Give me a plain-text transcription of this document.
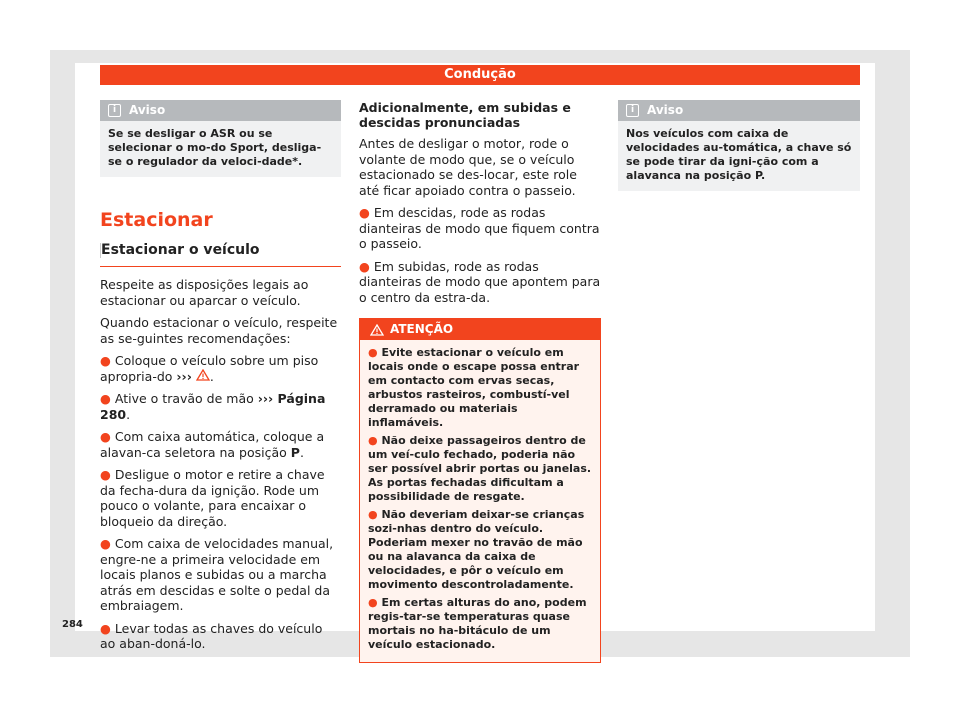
Condução
i	Aviso
Se se desligar o ASR ou se selecionar o mo-do Sport, desliga-se o regulador da veloci-dade*.
Estacionar
Estacionar o veículo

Respeite as disposições legais ao estacionar ou aparcar o veículo.

Quando estacionar o veículo, respeite as se-guintes recomendações:

● Coloque o veículo sobre um piso apropria-do ››› .

● Ative o travão de mão ››› Página 280.

● Com caixa automática, coloque a alavan-ca seletora na posição P.

● Desligue o motor e retire a chave da fecha-dura da ignição. Rode um pouco o volante, para encaixar o bloqueio da direção.

● Com caixa de velocidades manual, engre-ne a primeira velocidade em locais planos e subidas ou a marcha atrás em descidas e solte o pedal da embraiagem.

● Levar todas as chaves do veículo ao aban-doná-lo.

Adicionalmente, em subidas e descidas pronunciadas

Antes de desligar o motor, rode o volante de modo que, se o veículo estacionado se des-locar, este role até ficar apoiado contra o passeio.

● Em descidas, rode as rodas dianteiras de modo que fiquem contra o passeio.

● Em subidas, rode as rodas dianteiras de modo que apontem para o centro da estra-da.

ATENÇÃO

● Evite estacionar o veículo em locais onde o escape possa entrar em contacto com ervas secas, arbustos rasteiros, combustí-vel derramado ou materiais inflamáveis.

● Não deixe passageiros dentro de um veí-culo fechado, poderia não ser possível abrir portas ou janelas. As portas fechadas dificultam a possibilidade de resgate.

● Não deveriam deixar-se crianças sozi-nhas dentro do veículo. Poderiam mexer no travão de mão ou na alavanca da caixa de velocidades, e pôr o veículo em movimento descontroladamente.

● Em certas alturas do ano, podem regis-tar-se temperaturas quase mortais no ha-bitáculo de um veículo estacionado.

i	Aviso
Nos veículos com caixa de velocidades au-tomática, a chave só se pode tirar da igni-ção com a alavanca na posição P.
284
